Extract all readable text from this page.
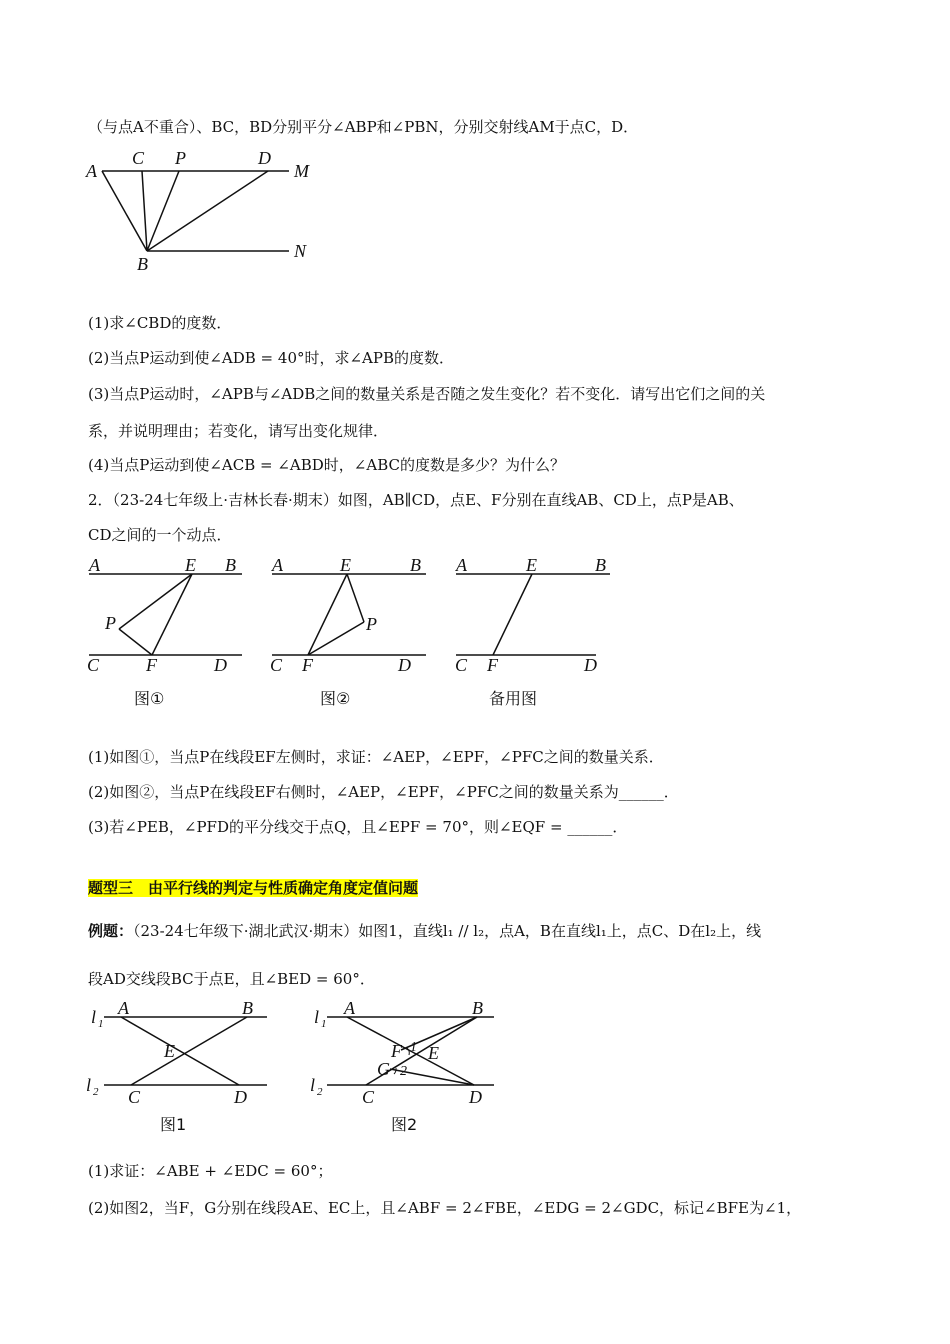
（与点A不重合）、BC，BD分别平分∠ABP和∠PBN，分别交射线AM于点C，D．
A
C P	D
M
B
N
(1)求∠CBD的度数．
(2)当点P运动到使∠ADB = 40°时，求∠APB的度数．
(3)当点P运动时，∠APB与∠ADB之间的数量关系是否随之发生变化？若不变化．请写出它们之间的关
系，并说明理由；若变化，请写出变化规律．
(4)当点P运动到使∠ACB = ∠ABD时，∠ABC的度数是多少？为什么？
2．（23-24七年级上·吉林长春·期末）如图，AB∥CD，点E、F分别在直线AB、CD上，点P是AB、
CD之间的一个动点．
A	E B
P
C	F	D
A	E	B
P
C F	D
A	E	B
C F	D
图①	图②	备用图
(1)如图①，当点P在线段EF左侧时，求证：∠AEP，∠EPF，∠PFC之间的数量关系．
(2)如图②，当点P在线段EF右侧时，∠AEP，∠EPF，∠PFC之间的数量关系为______．
(3)若∠PEB，∠PFD的平分线交于点Q，且∠EPF = 70°，则∠EQF = ______．
题型三　由平行线的判定与性质确定角度定值问题
例题：（23-24七年级下·湖北武汉·期末）如图1，直线l₁ // l₂，点A，B在直线l₁上，点C、D在l₂上，线
段AD交线段BC于点E，且∠BED = 60°．
l 1
A	B
E
l 2 C	D
l 1
A	B
F 1 E
G 2
l 2 C	D
图1	图2
(1)求证：∠ABE + ∠EDC = 60°；
(2)如图2，当F，G分别在线段AE、EC上，且∠ABF = 2∠FBE，∠EDG = 2∠GDC，标记∠BFE为∠1，
